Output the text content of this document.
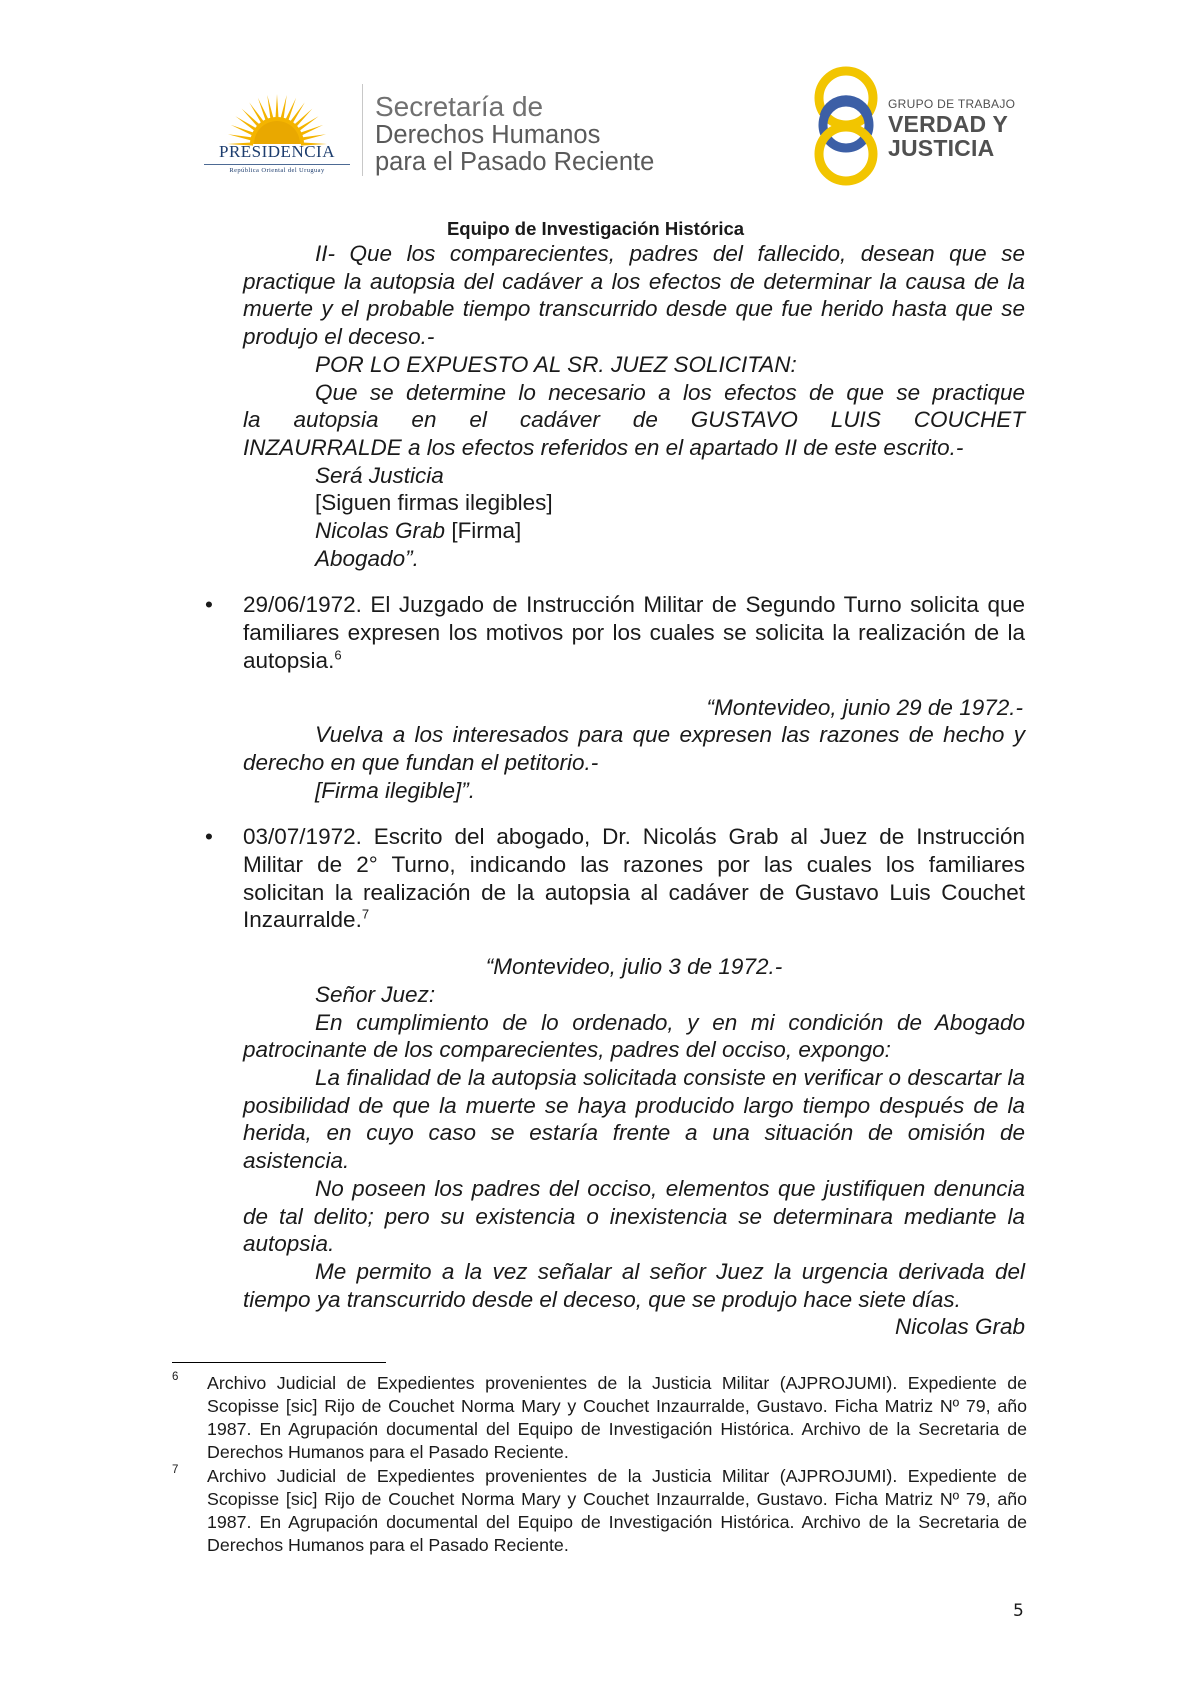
PRESIDENCIA
República Oriental del Uruguay
Secretaría de
Derechos Humanos
para el Pasado Reciente
GRUPO DE TRABAJO
VERDAD Y
JUSTICIA
Equipo de Investigación Histórica

II- Que los comparecientes, padres del fallecido, desean que se practique la autopsia del cadáver a los efectos de determinar la causa de la muerte y el probable tiempo transcurrido desde que fue herido hasta que se produjo el deceso.-

POR LO EXPUESTO AL SR. JUEZ SOLICITAN:

Que se determine lo necesario a los efectos de que se practique

la autopsia en el cadáver de GUSTAVO LUIS COUCHET

INZAURRALDE a los efectos referidos en el apartado II de este escrito.-

Será Justicia

[Siguen firmas ilegibles]

Nicolas Grab [Firma]

Abogado”.

• 29/06/1972. El Juzgado de Instrucción Militar de Segundo Turno solicita que familiares expresen los motivos por los cuales se solicita la realización de la autopsia.$^6$

“Montevideo, junio 29 de 1972.-

Vuelva a los interesados para que expresen las razones de hecho y derecho en que fundan el petitorio.-

[Firma ilegible]”.

• 03/07/1972. Escrito del abogado, Dr. Nicolás Grab al Juez de Instrucción Militar de 2° Turno, indicando las razones por las cuales los familiares solicitan la realización de la autopsia al cadáver de Gustavo Luis Couchet Inzaurralde.$^7$

“Montevideo, julio 3 de 1972.-

Señor Juez:

En cumplimiento de lo ordenado, y en mi condición de Abogado patrocinante de los comparecientes, padres del occiso, expongo:

La finalidad de la autopsia solicitada consiste en verificar o descartar la posibilidad de que la muerte se haya producido largo tiempo después de la herida, en cuyo caso se estaría frente a una situación de omisión de asistencia.

No poseen los padres del occiso, elementos que justifiquen denuncia de tal delito; pero su existencia o inexistencia se determinara mediante la autopsia.

Me permito a la vez señalar al señor Juez la urgencia derivada del tiempo ya transcurrido desde el deceso, que se produjo hace siete días.

Nicolas Grab

6 Archivo Judicial de Expedientes provenientes de la Justicia Militar (AJPROJUMI). Expediente de Scopisse [sic] Rijo de Couchet Norma Mary y Couchet Inzaurralde, Gustavo. Ficha Matriz Nº 79, año 1987. En Agrupación documental del Equipo de Investigación Histórica. Archivo de la Secretaria de Derechos Humanos para el Pasado Reciente.
7 Archivo Judicial de Expedientes provenientes de la Justicia Militar (AJPROJUMI). Expediente de Scopisse [sic] Rijo de Couchet Norma Mary y Couchet Inzaurralde, Gustavo. Ficha Matriz Nº 79, año 1987. En Agrupación documental del Equipo de Investigación Histórica. Archivo de la Secretaria de Derechos Humanos para el Pasado Reciente.
5
